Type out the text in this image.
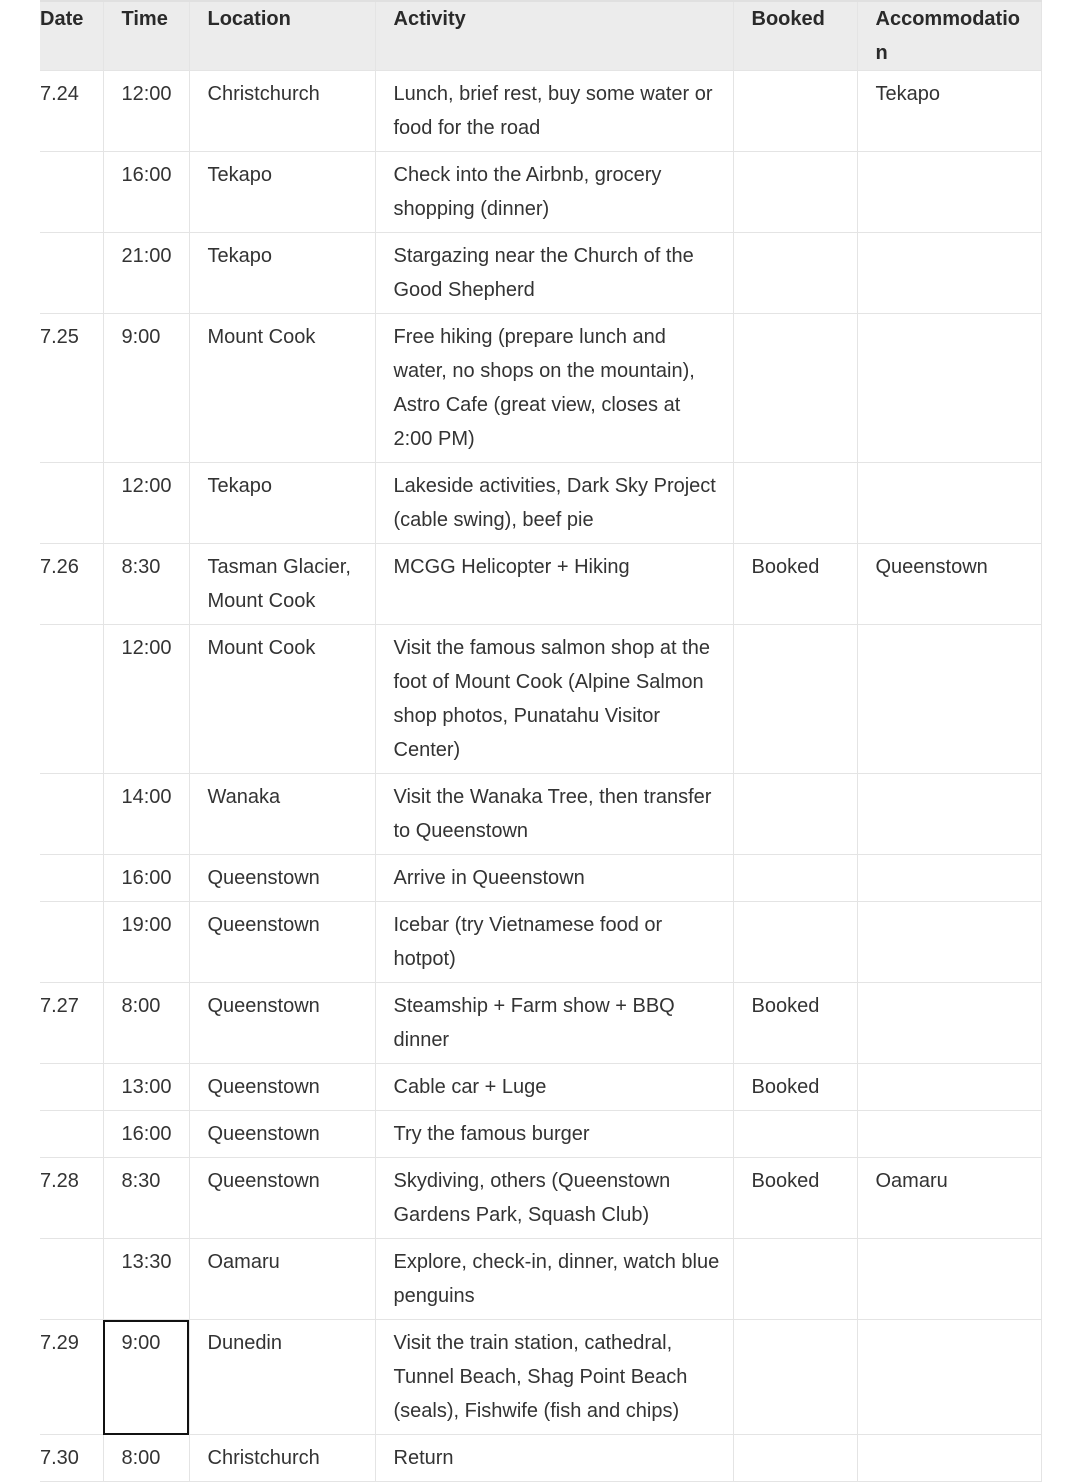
Date	Time	Location	Activity	Booked	Accommodation
7.24	12:00	Christchurch	Lunch, brief rest, buy some water or food for the road		Tekapo
	16:00	Tekapo	Check into the Airbnb, grocery shopping (dinner)		
	21:00	Tekapo	Stargazing near the Church of the Good Shepherd		
7.25	9:00	Mount Cook	Free hiking (prepare lunch and water, no shops on the mountain), Astro Cafe (great view, closes at 2:00 PM)		
	12:00	Tekapo	Lakeside activities, Dark Sky Project (cable swing), beef pie		
7.26	8:30	Tasman Glacier, Mount Cook	MCGG Helicopter + Hiking	Booked	Queenstown
	12:00	Mount Cook	Visit the famous salmon shop at the foot of Mount Cook (Alpine Salmon shop photos, Punatahu Visitor Center)		
	14:00	Wanaka	Visit the Wanaka Tree, then transfer to Queenstown		
	16:00	Queenstown	Arrive in Queenstown		
	19:00	Queenstown	Icebar (try Vietnamese food or hotpot)		
7.27	8:00	Queenstown	Steamship + Farm show + BBQ dinner	Booked	
	13:00	Queenstown	Cable car + Luge	Booked	
	16:00	Queenstown	Try the famous burger		
7.28	8:30	Queenstown	Skydiving, others (Queenstown Gardens Park, Squash Club)	Booked	Oamaru
	13:30	Oamaru	Explore, check-in, dinner, watch blue penguins		
7.29	9:00	Dunedin	Visit the train station, cathedral, Tunnel Beach, Shag Point Beach (seals), Fishwife (fish and chips)		
7.30	8:00	Christchurch	Return		
